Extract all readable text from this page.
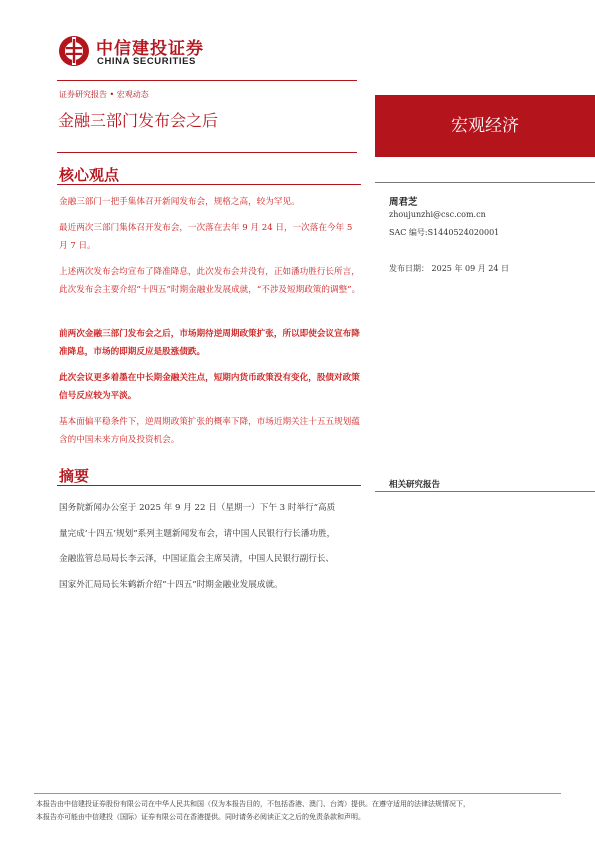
中信建投证券
CHINA SECURITIES
证券研究报告 • 宏观动态
金融三部门发布会之后	宏观经济
核心观点
金融三部门一把手集体召开新闻发布会，规格之高，较为罕见。
最近两次三部门集体召开发布会，一次落在去年 9 月 24 日，一次落在今年 5 月 7 日。
上述两次发布会均宣布了降准降息，此次发布会并没有，正如潘功胜行长所言，此次发布会主要介绍“十四五”时期金融业发展成就，“不涉及短期政策的调整”。
前两次金融三部门发布会之后，市场期待逆周期政策扩张，所以即使会议宣布降准降息，市场的即期反应是股涨债跌。
此次会议更多着墨在中长期金融关注点，短期内货币政策没有变化，股债对政策信号反应较为平淡。
基本面偏平稳条件下，逆周期政策扩张的概率下降，市场近期关注十五五规划蕴含的中国未来方向及投资机会。
摘要
国务院新闻办公室于 2025 年 9 月 22 日（星期一）下午 3 时举行“高质量完成‘十四五’规划”系列主题新闻发布会，请中国人民银行行长潘功胜，金融监管总局局长李云泽，中国证监会主席吴清，中国人民银行副行长、国家外汇局局长朱鹤新介绍“十四五”时期金融业发展成就。
周君芝
zhoujunzhi@csc.com.cn
SAC 编号:S1440524020001
发布日期： 2025 年 09 月 24 日
相关研究报告
本报告由中信建投证券股份有限公司在中华人民共和国（仅为本报告目的，不包括香港、澳门、台湾）提供。在遵守适用的法律法规情况下，
本报告亦可能由中信建投（国际）证券有限公司在香港提供。同时请务必阅读正文之后的免责条款和声明。
